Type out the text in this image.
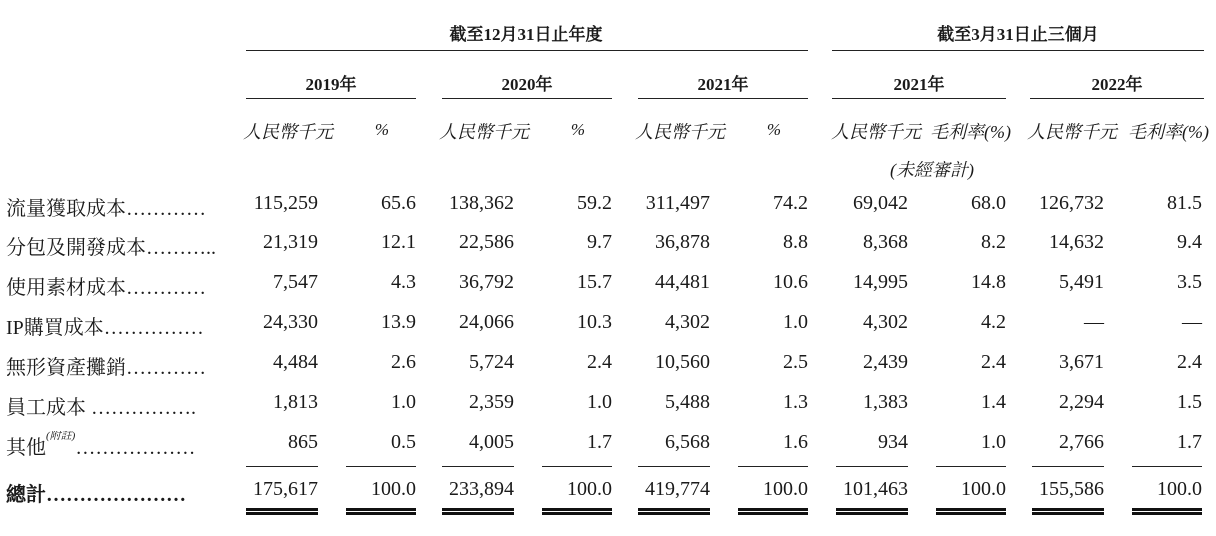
截至12月31日止年度	截至3月31日止三個月
2019年	2020年	2021年	2021年	2022年
人民幣千元	%	人民幣千元	%	人民幣千元	%	人民幣千元 毛利率(%) 人民幣千元 毛利率(%)
(未經審計)
流量獲取成本…………	115,259	65.6	138,362	59.2	311,497	74.2	69,042	68.0	126,732	81.5
分包及開發成本………..	21,319	12.1	22,586	9.7	36,878	8.8	8,368	8.2	14,632	9.4
使用素材成本…………	7,547	4.3	36,792	15.7	44,481	10.6	14,995	14.8	5,491	3.5
IP購買成本……………	24,330	13.9	24,066	10.3	4,302	1.0	4,302	4.2	—	—
無形資產攤銷…………	4,484	2.6	5,724	2.4	10,560	2.5	2,439	2.4	3,671	2.4
員工成本 …………….	1,813	1.0	2,359	1.0	5,488	1.3	1,383	1.4	2,294	1.5
其他$^{(附註)}$………………	865	0.5	4,005	1.7	6,568	1.6	934	1.0	2,766	1.7
總計…………………	175,617	100.0	233,894	100.0	419,774	100.0	101,463	100.0	155,586	100.0
